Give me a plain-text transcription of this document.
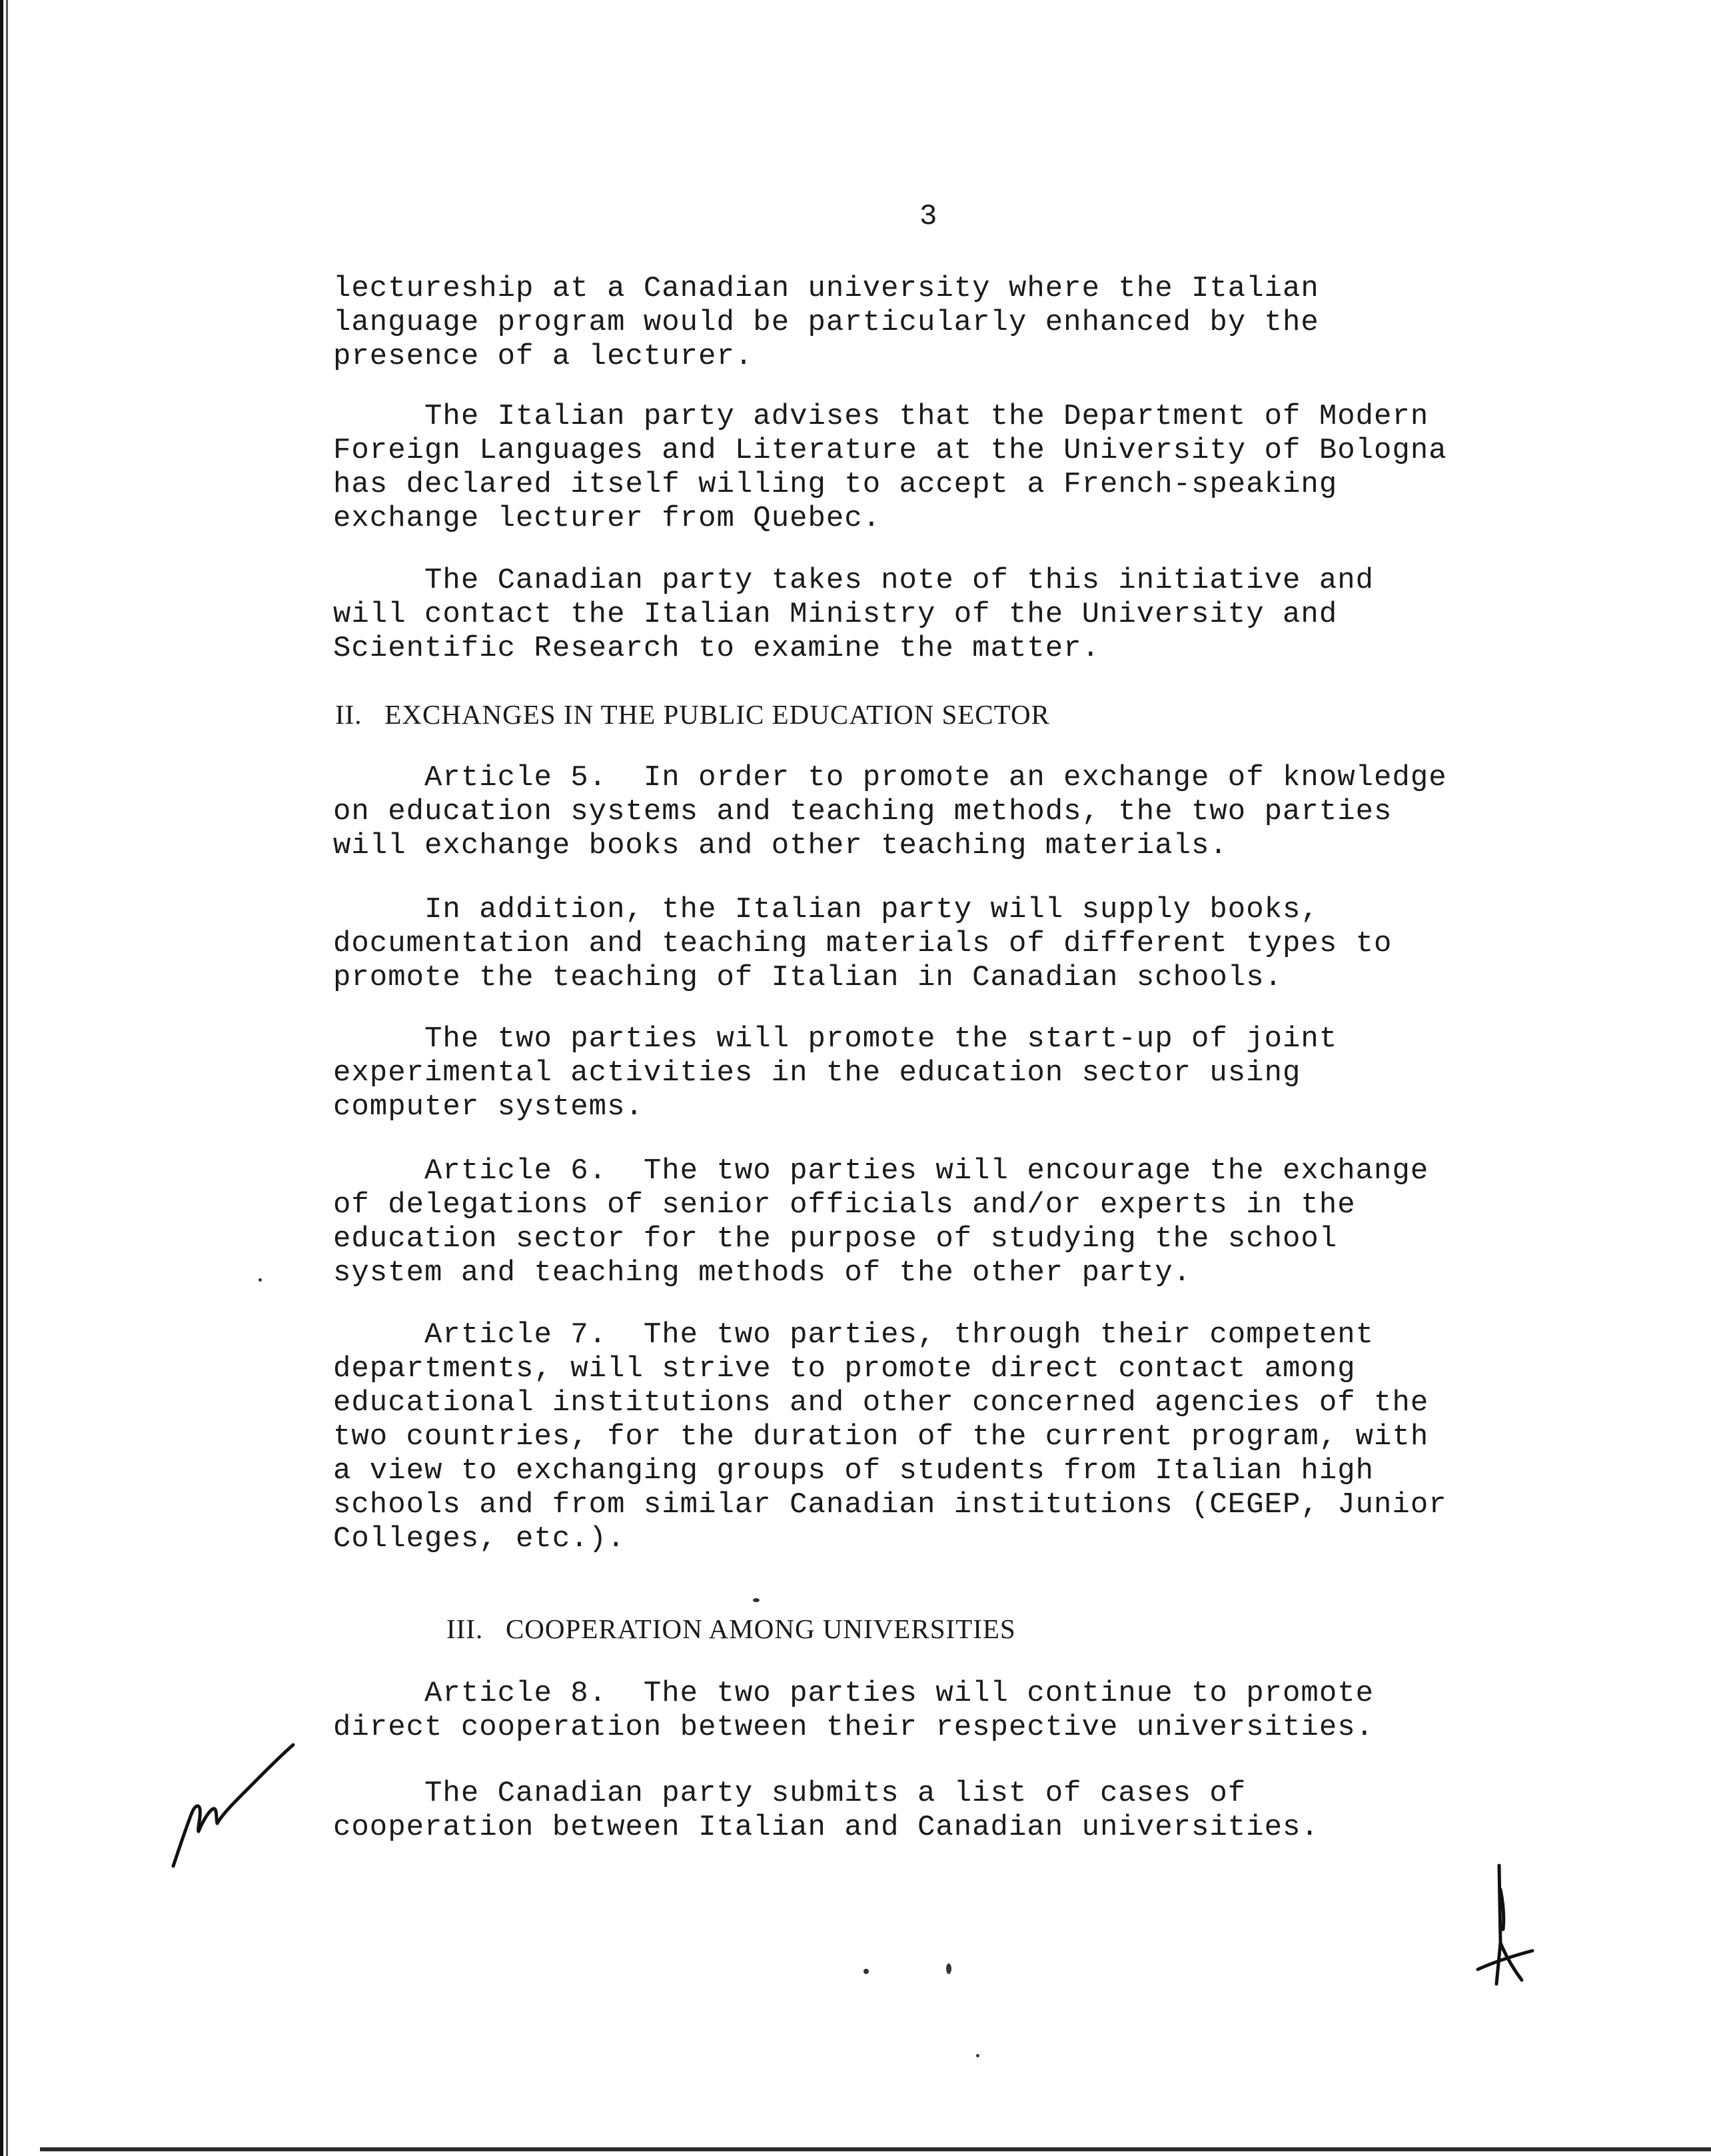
3
lectureship at a Canadian university where the Italian
language program would be particularly enhanced by the
presence of a lecturer.
The Italian party advises that the Department of Modern
Foreign Languages and Literature at the University of Bologna
has declared itself willing to accept a French-speaking
exchange lecturer from Quebec.
The Canadian party takes note of this initiative and
will contact the Italian Ministry of the University and
Scientific Research to examine the matter.
II.   EXCHANGES IN THE PUBLIC EDUCATION SECTOR
Article 5.  In order to promote an exchange of knowledge
on education systems and teaching methods, the two parties
will exchange books and other teaching materials.
In addition, the Italian party will supply books,
documentation and teaching materials of different types to
promote the teaching of Italian in Canadian schools.
The two parties will promote the start-up of joint
experimental activities in the education sector using
computer systems.
Article 6.  The two parties will encourage the exchange
of delegations of senior officials and/or experts in the
education sector for the purpose of studying the school
system and teaching methods of the other party.
Article 7.  The two parties, through their competent
departments, will strive to promote direct contact among
educational institutions and other concerned agencies of the
two countries, for the duration of the current program, with
a view to exchanging groups of students from Italian high
schools and from similar Canadian institutions (CEGEP, Junior
Colleges, etc.).
III.   COOPERATION AMONG UNIVERSITIES
Article 8.  The two parties will continue to promote
direct cooperation between their respective universities.
The Canadian party submits a list of cases of
cooperation between Italian and Canadian universities.
